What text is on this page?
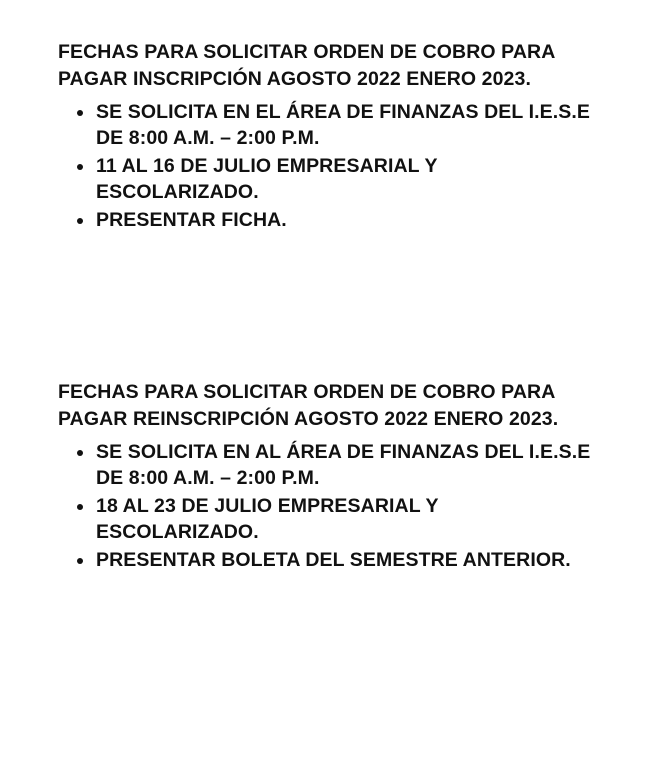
FECHAS PARA SOLICITAR ORDEN DE COBRO PARA PAGAR INSCRIPCIÓN AGOSTO 2022 ENERO 2023.

SE SOLICITA EN EL ÁREA DE FINANZAS DEL I.E.S.E DE 8:00 A.M. – 2:00 P.M.
11 AL 16 DE JULIO EMPRESARIAL Y ESCOLARIZADO.
PRESENTAR FICHA.

FECHAS PARA SOLICITAR ORDEN DE COBRO PARA PAGAR REINSCRIPCIÓN AGOSTO 2022 ENERO 2023.

SE SOLICITA EN AL ÁREA DE FINANZAS DEL I.E.S.E DE 8:00 A.M. – 2:00 P.M.
18 AL 23 DE JULIO EMPRESARIAL Y ESCOLARIZADO.
PRESENTAR BOLETA DEL SEMESTRE ANTERIOR.
